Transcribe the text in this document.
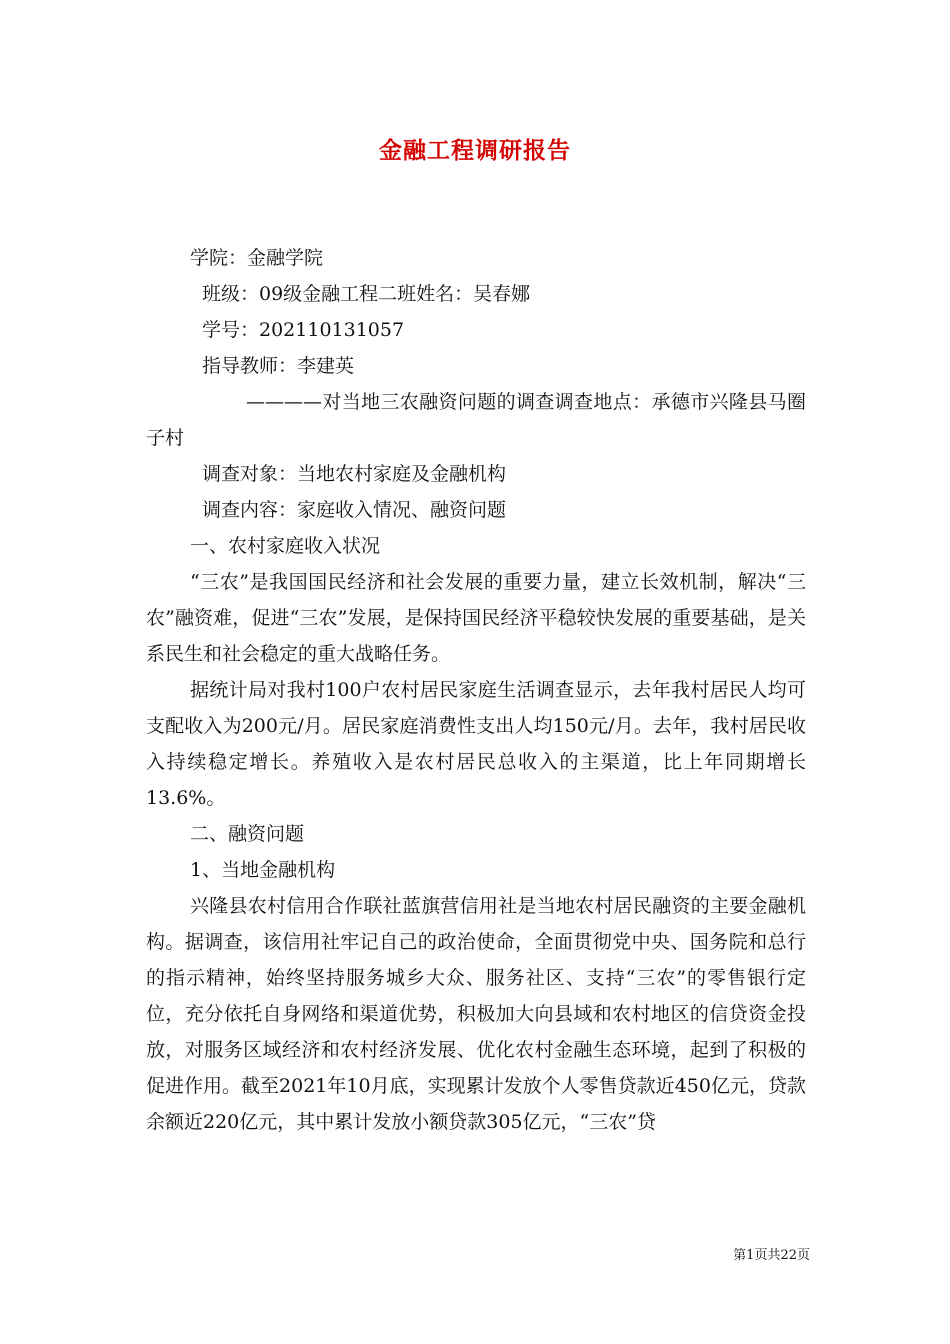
金融工程调研报告

学院：金融学院

班级：09级金融工程二班姓名：吴春娜

学号：202110131057

指导教师：李建英

————对当地三农融资问题的调查调查地点：承德市兴隆县马圈子村

调查对象：当地农村家庭及金融机构

调查内容：家庭收入情况、融资问题

一、农村家庭收入状况

“三农”是我国国民经济和社会发展的重要力量，建立长效机制，解决“三农”融资难，促进“三农”发展，是保持国民经济平稳较快发展的重要基础，是关系民生和社会稳定的重大战略任务。

据统计局对我村100户农村居民家庭生活调查显示，去年我村居民人均可支配收入为200元/月。居民家庭消费性支出人均150元/月。去年，我村居民收入持续稳定增长。养殖收入是农村居民总收入的主渠道，比上年同期增长13.6%。

二、融资问题

1、当地金融机构

兴隆县农村信用合作联社蓝旗营信用社是当地农村居民融资的主要金融机构。据调查，该信用社牢记自己的政治使命，全面贯彻党中央、国务院和总行的指示精神，始终坚持服务城乡大众、服务社区、支持“三农”的零售银行定位，充分依托自身网络和渠道优势，积极加大向县域和农村地区的信贷资金投放，对服务区域经济和农村经济发展、优化农村金融生态环境，起到了积极的促进作用。截至2021年10月底，实现累计发放个人零售贷款近450亿元，贷款余额近220亿元，其中累计发放小额贷款305亿元，“三农”贷

第1页共22页
